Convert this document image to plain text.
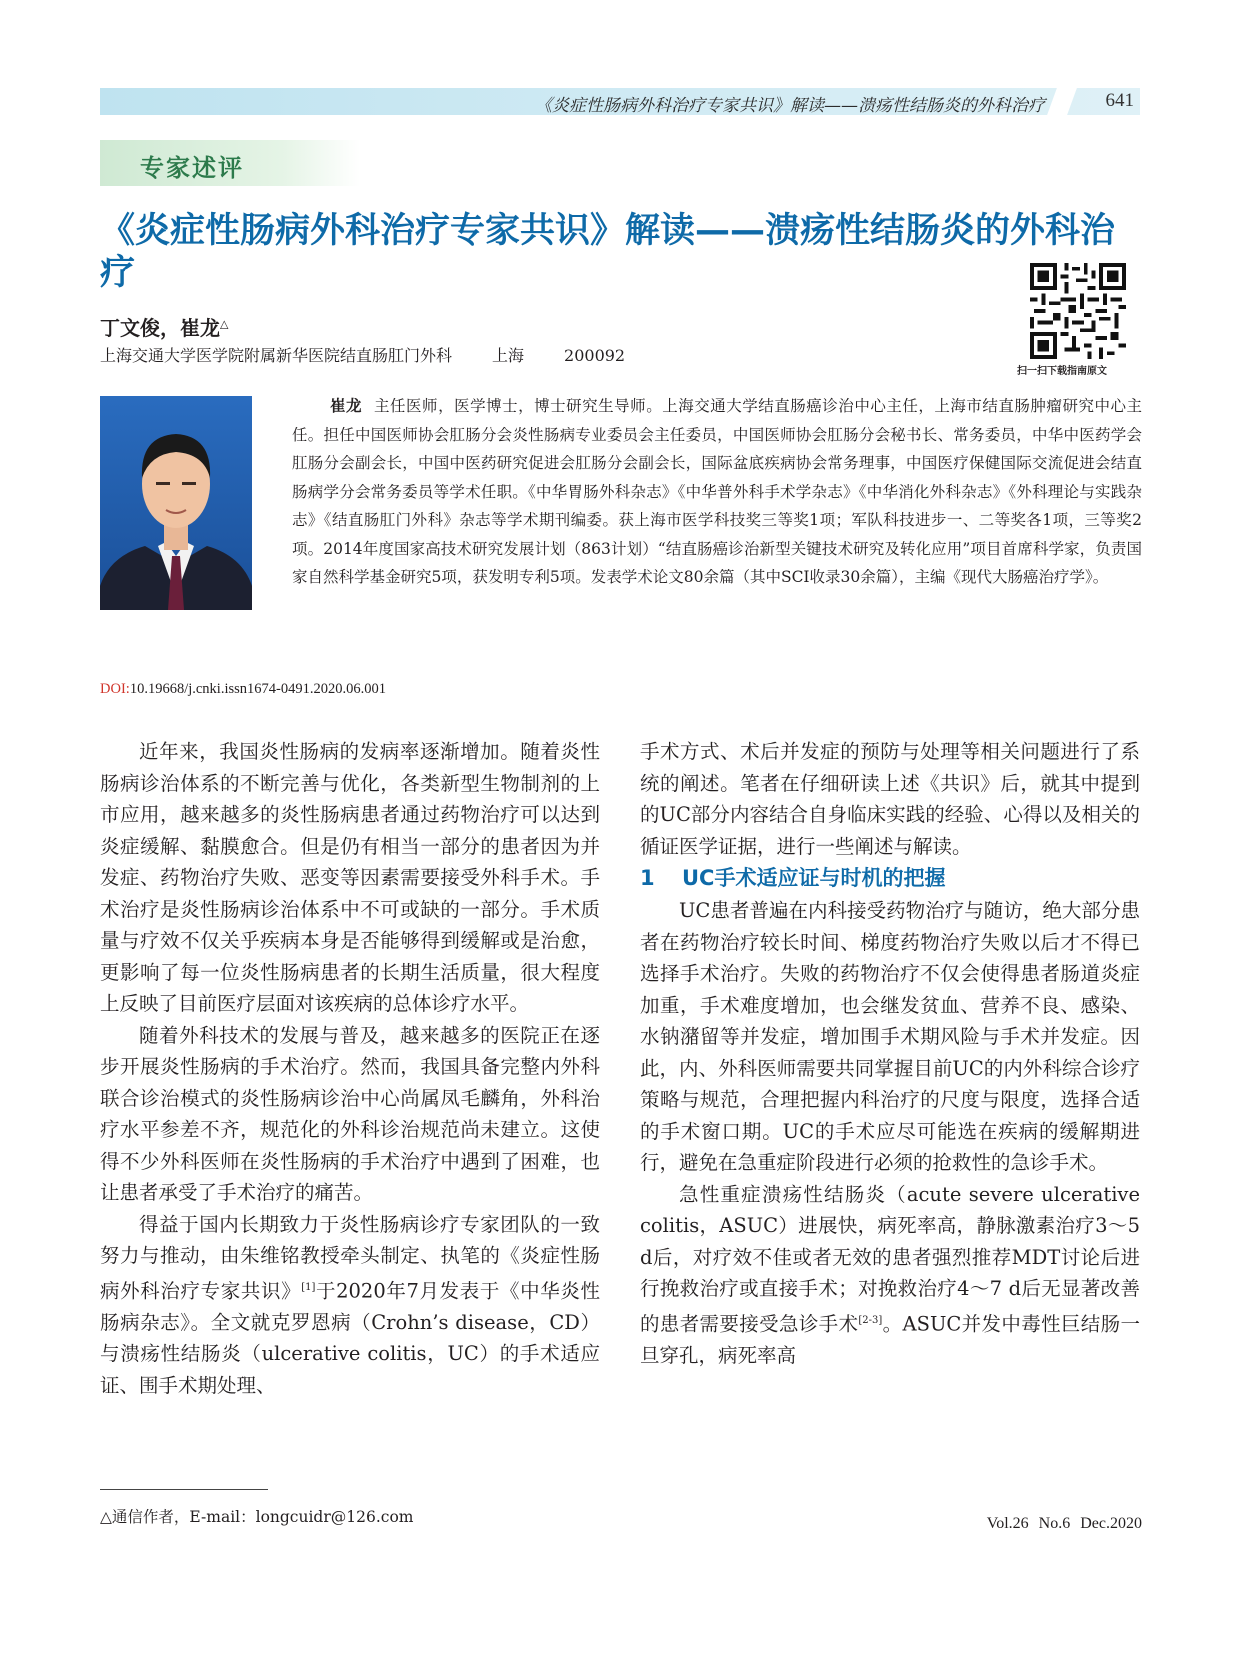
《炎症性肠病外科治疗专家共识》解读——溃疡性结肠炎的外科治疗	641
专家述评
《炎症性肠病外科治疗专家共识》解读——溃疡性结肠炎的外科治疗
扫一扫下载指南原文
丁文俊，崔龙△
上海交通大学医学院附属新华医院结直肠肛门外科	上海	200092

崔龙 主任医师，医学博士，博士研究生导师。上海交通大学结直肠癌诊治中心主任，上海市结直肠肿瘤研究中心主任。担任中国医师协会肛肠分会炎性肠病专业委员会主任委员，中国医师协会肛肠分会秘书长、常务委员，中华中医药学会肛肠分会副会长，中国中医药研究促进会肛肠分会副会长，国际盆底疾病协会常务理事，中国医疗保健国际交流促进会结直肠病学分会常务委员等学术任职。《中华胃肠外科杂志》《中华普外科手术学杂志》《中华消化外科杂志》《外科理论与实践杂志》《结直肠肛门外科》杂志等学术期刊编委。获上海市医学科技奖三等奖1项；军队科技进步一、二等奖各1项，三等奖2项。2014年度国家高技术研究发展计划（863计划）“结直肠癌诊治新型关键技术研究及转化应用”项目首席科学家，负责国家自然科学基金研究5项，获发明专利5项。发表学术论文80余篇（其中SCI收录30余篇），主编《现代大肠癌治疗学》。

DOI:10.19668/j.cnki.issn1674-0491.2020.06.001

近年来，我国炎性肠病的发病率逐渐增加。随着炎性肠病诊治体系的不断完善与优化，各类新型生物制剂的上市应用，越来越多的炎性肠病患者通过药物治疗可以达到炎症缓解、黏膜愈合。但是仍有相当一部分的患者因为并发症、药物治疗失败、恶变等因素需要接受外科手术。手术治疗是炎性肠病诊治体系中不可或缺的一部分。手术质量与疗效不仅关乎疾病本身是否能够得到缓解或是治愈，更影响了每一位炎性肠病患者的长期生活质量，很大程度上反映了目前医疗层面对该疾病的总体诊疗水平。

随着外科技术的发展与普及，越来越多的医院正在逐步开展炎性肠病的手术治疗。然而，我国具备完整内外科联合诊治模式的炎性肠病诊治中心尚属凤毛麟角，外科治疗水平参差不齐，规范化的外科诊治规范尚未建立。这使得不少外科医师在炎性肠病的手术治疗中遇到了困难，也让患者承受了手术治疗的痛苦。

得益于国内长期致力于炎性肠病诊疗专家团队的一致努力与推动，由朱维铭教授牵头制定、执笔的《炎症性肠病外科治疗专家共识》[1]于2020年7月发表于《中华炎性肠病杂志》。全文就克罗恩病（Crohn’s disease，CD）与溃疡性结肠炎（ulcerative colitis，UC）的手术适应证、围手术期处理、

手术方式、术后并发症的预防与处理等相关问题进行了系统的阐述。笔者在仔细研读上述《共识》后，就其中提到的UC部分内容结合自身临床实践的经验、心得以及相关的循证医学证据，进行一些阐述与解读。

1 UC手术适应证与时机的把握

UC患者普遍在内科接受药物治疗与随访，绝大部分患者在药物治疗较长时间、梯度药物治疗失败以后才不得已选择手术治疗。失败的药物治疗不仅会使得患者肠道炎症加重，手术难度增加，也会继发贫血、营养不良、感染、水钠潴留等并发症，增加围手术期风险与手术并发症。因此，内、外科医师需要共同掌握目前UC的内外科综合诊疗策略与规范，合理把握内科治疗的尺度与限度，选择合适的手术窗口期。UC的手术应尽可能选在疾病的缓解期进行，避免在急重症阶段进行必须的抢救性的急诊手术。

急性重症溃疡性结肠炎（acute severe ulcerative colitis，ASUC）进展快，病死率高，静脉激素治疗3～5 d后，对疗效不佳或者无效的患者强烈推荐MDT讨论后进行挽救治疗或直接手术；对挽救治疗4～7 d后无显著改善的患者需要接受急诊手术[2-3]。ASUC并发中毒性巨结肠一旦穿孔，病死率高

△通信作者，E-mail：longcuidr@126.com	Vol.26 No.6 Dec.2020
